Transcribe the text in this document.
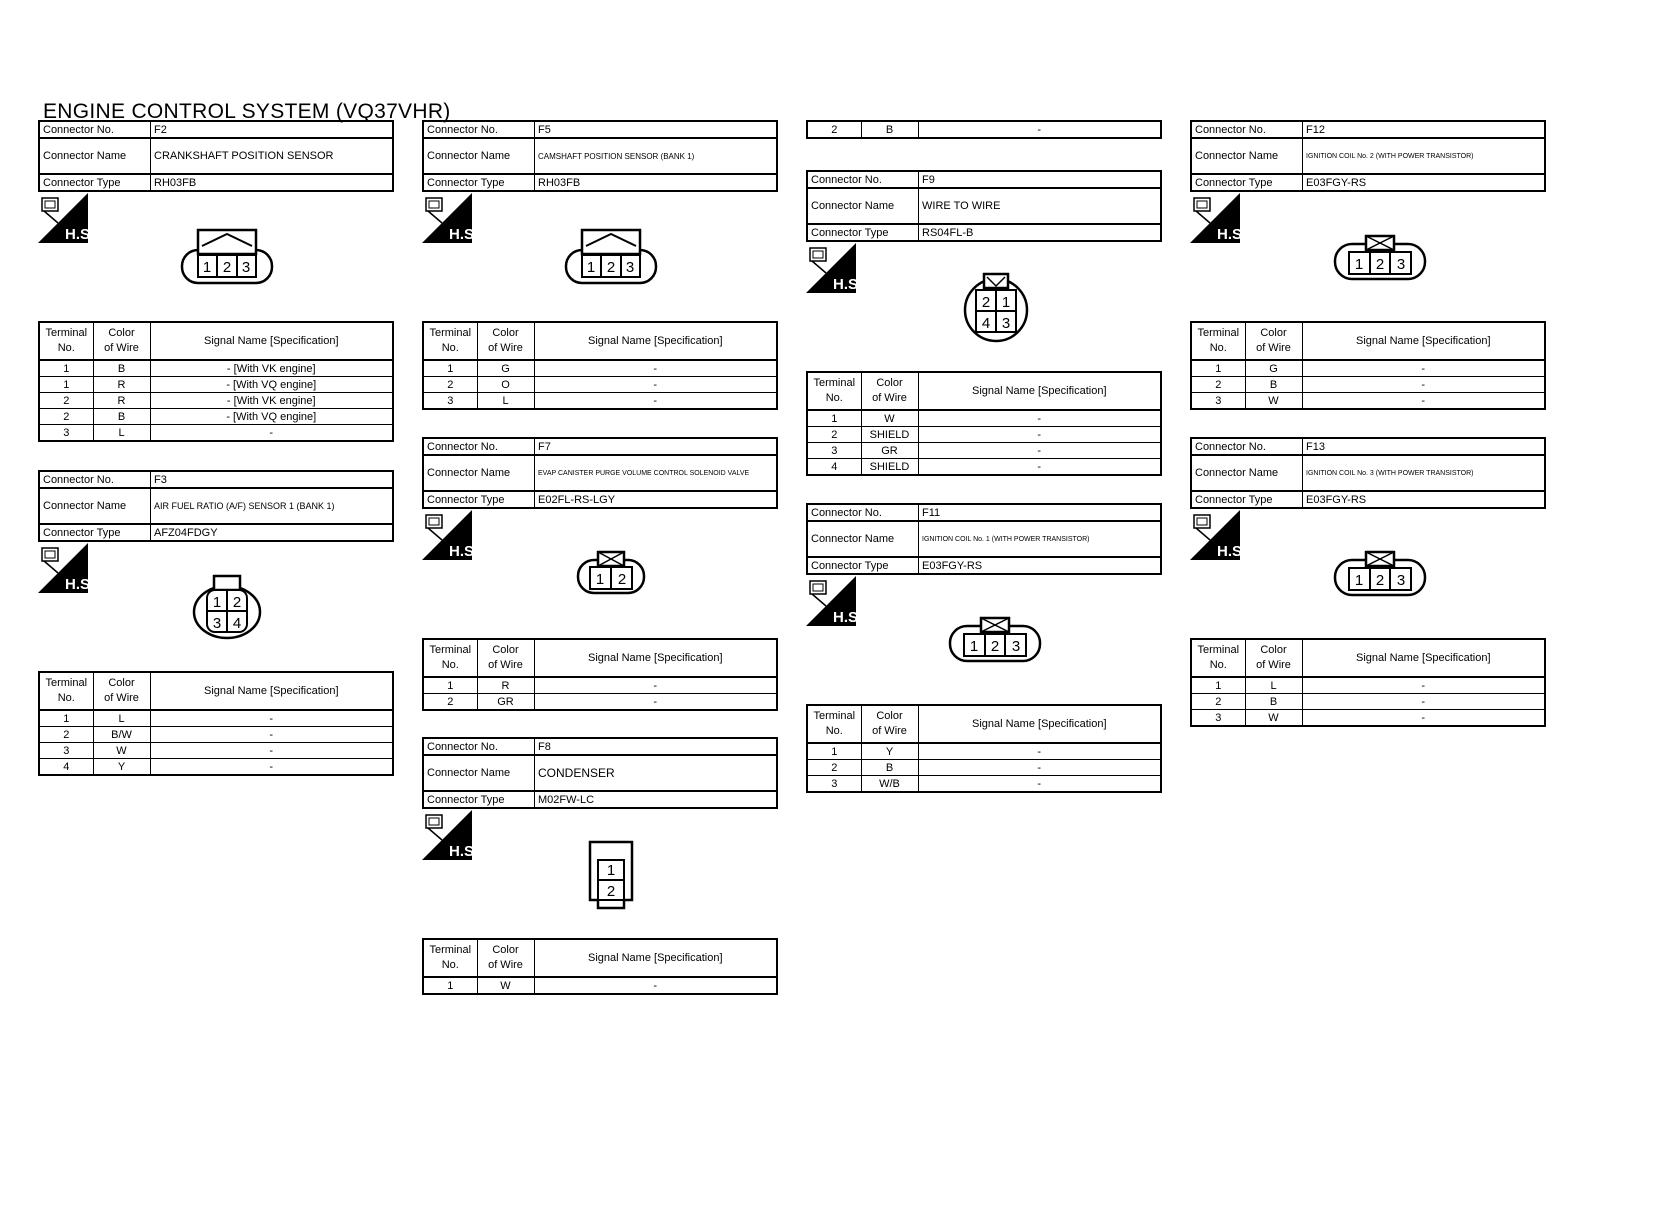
ENGINE CONTROL SYSTEM (VQ37VHR)
Connector No.	F2
Connector Name	CRANKSHAFT POSITION SENSOR
Connector Type	RH03FB
H.S.
1 2 3
Terminal
No.	Color
of Wire	Signal Name [Specification]
1	B	- [With VK engine]
1	R	- [With VQ engine]
2	R	- [With VK engine]
2	B	- [With VQ engine]
3	L	-
Connector No.	F3
Connector Name	AIR FUEL RATIO (A/F) SENSOR 1 (BANK 1)
Connector Type	AFZ04FDGY
H.S.
1 2
3 4
Terminal
No.	Color
of Wire	Signal Name [Specification]
1	L	-
2	B/W	-
3	W	-
4	Y	-
Connector No.	F5
Connector Name	CAMSHAFT POSITION SENSOR (BANK 1)
Connector Type	RH03FB
H.S.
1 2 3
Terminal
No.	Color
of Wire	Signal Name [Specification]
1	G	-
2	O	-
3	L	-
Connector No.	F7
Connector Name	EVAP CANISTER PURGE VOLUME CONTROL SOLENOID VALVE
Connector Type	E02FL-RS-LGY
H.S.
1 2
Terminal
No.	Color
of Wire	Signal Name [Specification]
1	R	-
2	GR	-
Connector No.	F8
Connector Name	CONDENSER
Connector Type	M02FW-LC
H.S.
1
2
Terminal
No.	Color
of Wire	Signal Name [Specification]
1	W	-
2	B	-
Connector No.	F9
Connector Name	WIRE TO WIRE
Connector Type	RS04FL-B
H.S.
2 1
4 3
Terminal
No.	Color
of Wire	Signal Name [Specification]
1	W	-
2	SHIELD	-
3	GR	-
4	SHIELD	-
Connector No.	F11
Connector Name	IGNITION COIL No. 1 (WITH POWER TRANSISTOR)
Connector Type	E03FGY-RS
H.S.
1 2 3
Terminal
No.	Color
of Wire	Signal Name [Specification]
1	Y	-
2	B	-
3	W/B	-
Connector No.	F12
Connector Name	IGNITION COIL No. 2 (WITH POWER TRANSISTOR)
Connector Type	E03FGY-RS
H.S.
1 2 3
Terminal
No.	Color
of Wire	Signal Name [Specification]
1	G	-
2	B	-
3	W	-
Connector No.	F13
Connector Name	IGNITION COIL No. 3 (WITH POWER TRANSISTOR)
Connector Type	E03FGY-RS
H.S.
1 2 3
Terminal
No.	Color
of Wire	Signal Name [Specification]
1	L	-
2	B	-
3	W	-
